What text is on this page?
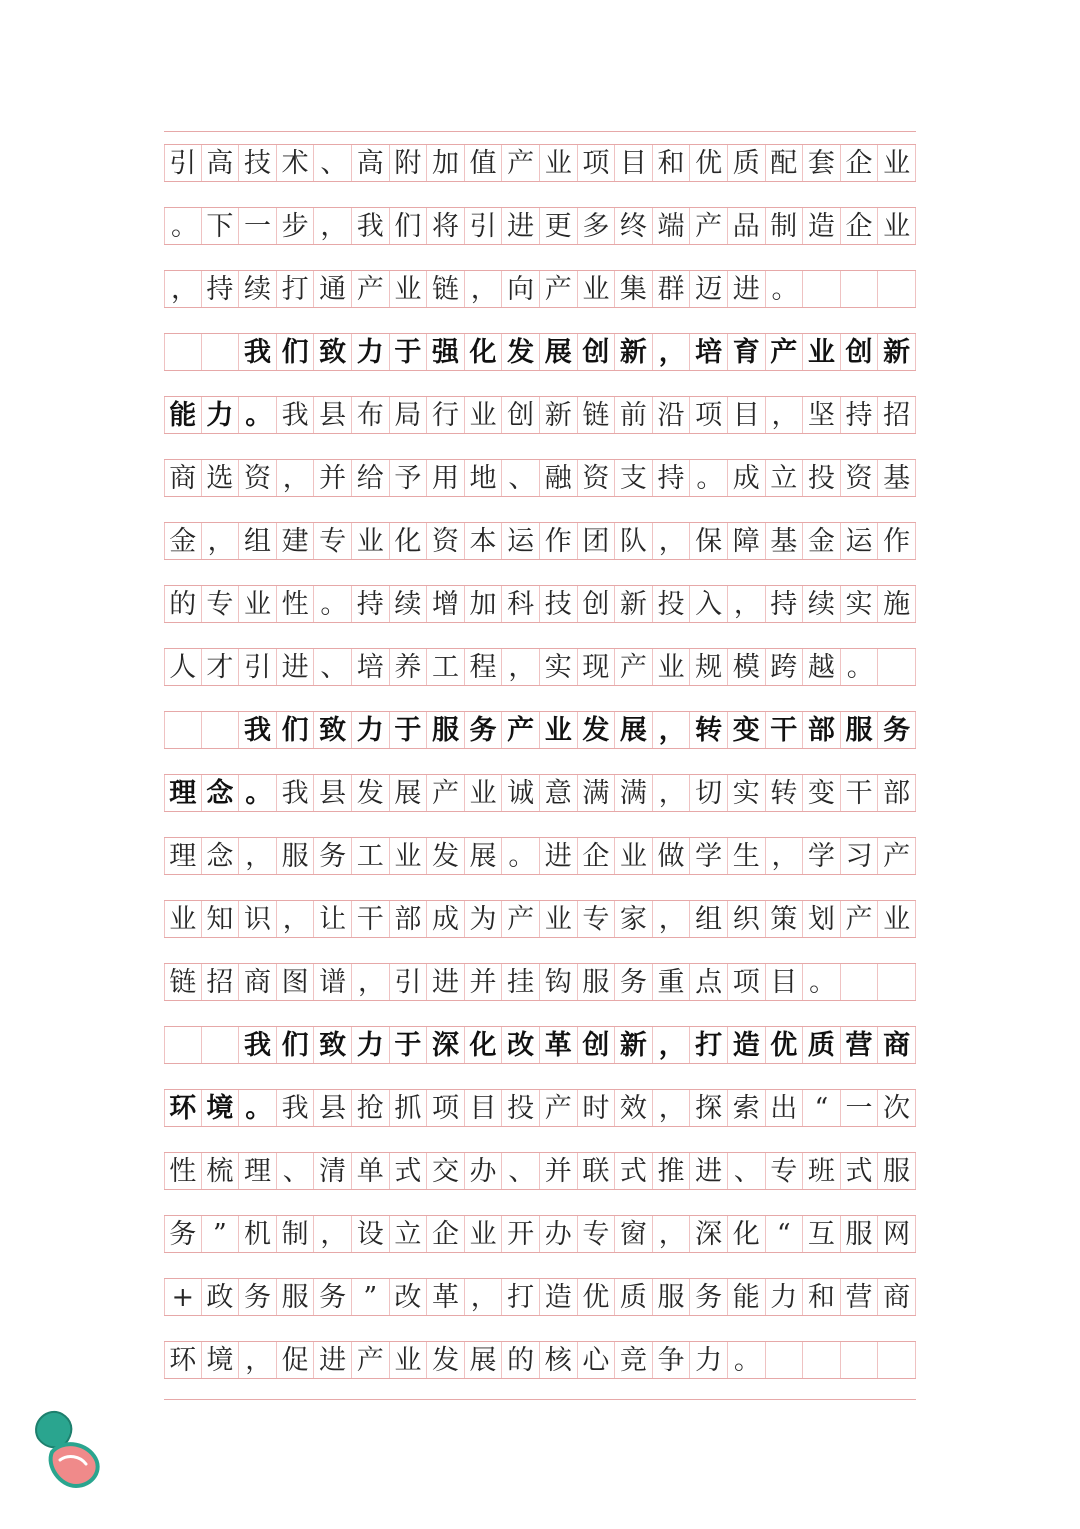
引 高 技 术 、 高 附 加 值 产 业 项 目 和 优 质 配 套 企 业
。 下 一 步 ， 我 们 将 引 进 更 多 终 端 产 品 制 造 企 业
， 持 续 打 通 产 业 链 ， 向 产 业 集 群 迈 进 。
我 们 致 力 于 强 化 发 展 创 新 ， 培 育 产 业 创 新
能 力 。 我 县 布 局 行 业 创 新 链 前 沿 项 目 ， 坚 持 招
商 选 资 ， 并 给 予 用 地 、 融 资 支 持 。 成 立 投 资 基
金 ， 组 建 专 业 化 资 本 运 作 团 队 ， 保 障 基 金 运 作
的 专 业 性 。 持 续 增 加 科 技 创 新 投 入 ， 持 续 实 施
人 才 引 进 、 培 养 工 程 ， 实 现 产 业 规 模 跨 越 。
我 们 致 力 于 服 务 产 业 发 展 ， 转 变 干 部 服 务
理 念 。 我 县 发 展 产 业 诚 意 满 满 ， 切 实 转 变 干 部
理 念 ， 服 务 工 业 发 展 。 进 企 业 做 学 生 ， 学 习 产
业 知 识 ， 让 干 部 成 为 产 业 专 家 ， 组 织 策 划 产 业
链 招 商 图 谱 ， 引 进 并 挂 钩 服 务 重 点 项 目 。
我 们 致 力 于 深 化 改 革 创 新 ， 打 造 优 质 营 商
环 境 。 我 县 抢 抓 项 目 投 产 时 效 ， 探 索 出 “ 一 次
性 梳 理 、 清 单 式 交 办 、 并 联 式 推 进 、 专 班 式 服
务 ” 机 制 ， 设 立 企 业 开 办 专 窗 ， 深 化 “ 互 服 网
+ 政 务 服 务 ” 改 革 ， 打 造 优 质 服 务 能 力 和 营 商
环 境 ， 促 进 产 业 发 展 的 核 心 竞 争 力 。
